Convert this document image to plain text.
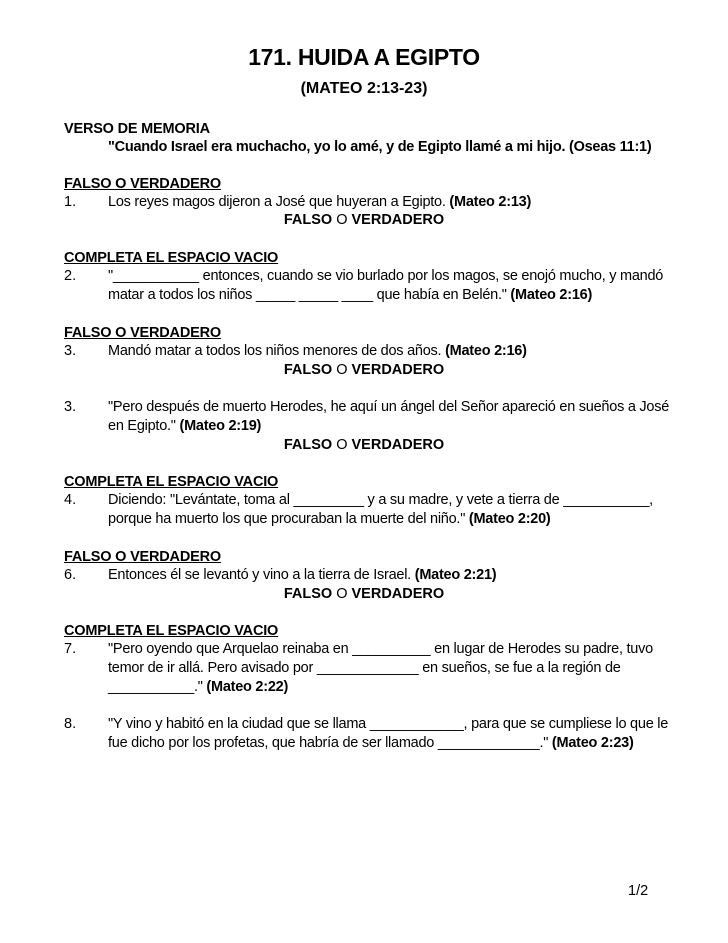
171. HUIDA A EGIPTO
(MATEO 2:13-23)
VERSO DE MEMORIA
"Cuando Israel era muchacho, yo lo amé, y de Egipto llamé a mi hijo. (Oseas 11:1)
FALSO O VERDADERO
1. Los reyes magos dijeron a José que huyeran a Egipto. (Mateo 2:13)
FALSO O VERDADERO
COMPLETA EL ESPACIO VACIO
2. "___________ entonces, cuando se vio burlado por los magos, se enojó mucho, y mandó
matar a todos los niños _____ _____ ____ que había en Belén." (Mateo 2:16)
FALSO O VERDADERO
3. Mandó matar a todos los niños menores de dos años. (Mateo 2:16)
FALSO O VERDADERO
3. "Pero después de muerto Herodes, he aquí un ángel del Señor apareció en sueños a José
en Egipto." (Mateo 2:19)
FALSO O VERDADERO
COMPLETA EL ESPACIO VACIO
4. Diciendo: "Levántate, toma al _________ y a su madre, y vete a tierra de ___________,
porque ha muerto los que procuraban la muerte del niño." (Mateo 2:20)
FALSO O VERDADERO
6. Entonces él se levantó y vino a la tierra de Israel. (Mateo 2:21)
FALSO O VERDADERO
COMPLETA EL ESPACIO VACIO
7. "Pero oyendo que Arquelao reinaba en __________ en lugar de Herodes su padre, tuvo
temor de ir allá. Pero avisado por _____________ en sueños, se fue a la región de
___________." (Mateo 2:22)
8. "Y vino y habitó en la ciudad que se llama ____________, para que se cumpliese lo que le
fue dicho por los profetas, que habría de ser llamado _____________." (Mateo 2:23)
1/2
